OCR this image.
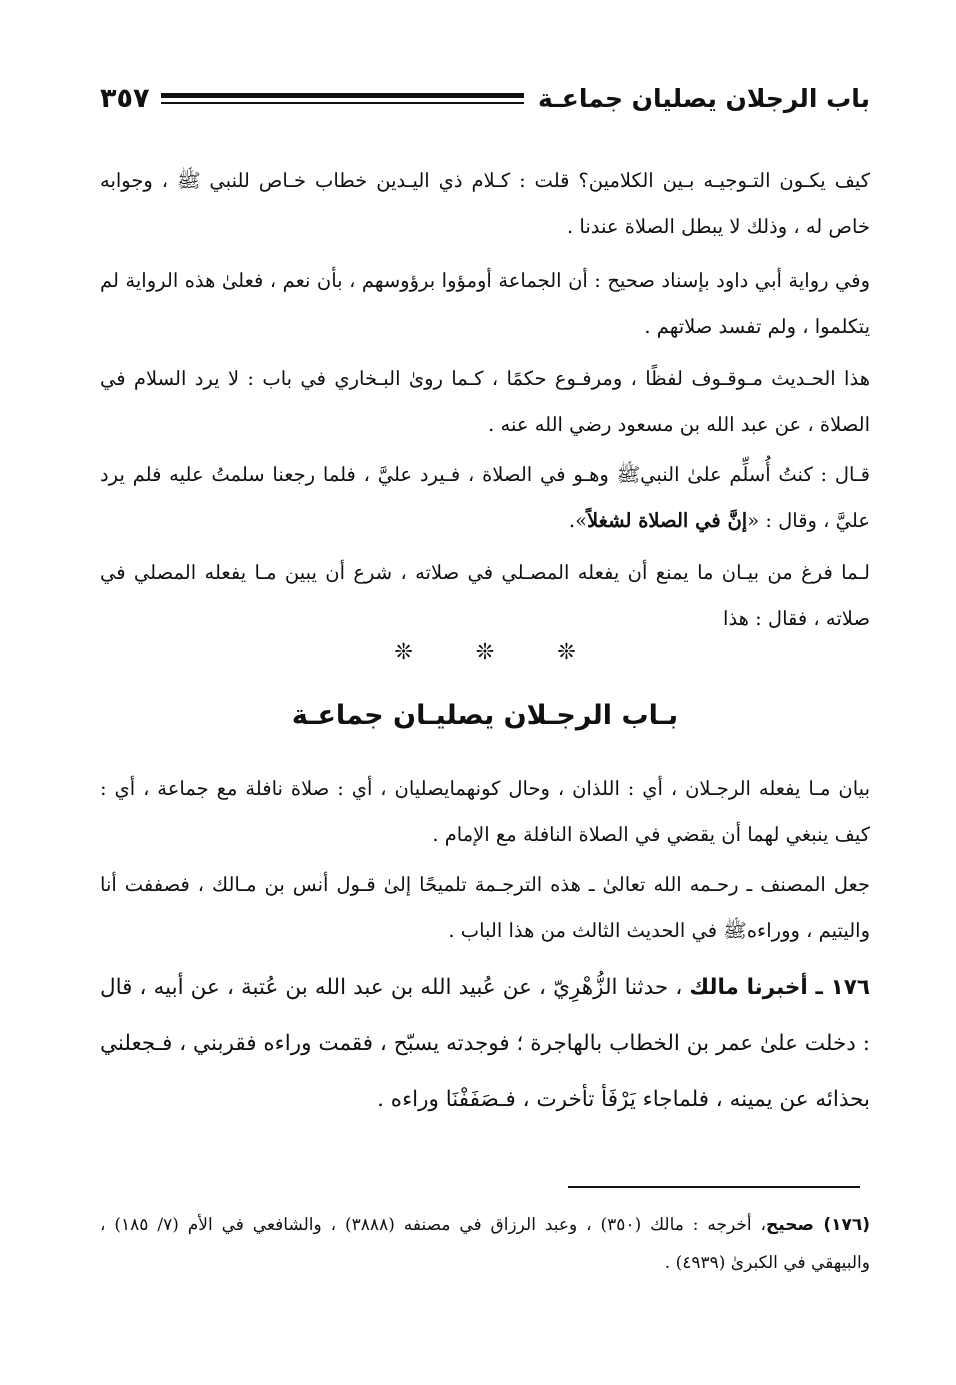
باب الرجلان يصليان جماعـة
٣٥٧

كيف يكـون التـوجيـه بـين الكلامين؟ قلت : كـلام ذي اليـدين خطاب خـاص للنبي ﷺ ، وجوابه خاص له ، وذلك لا يبطل الصلاة عندنا .

وفي رواية أبي داود بإسناد صحيح : أن الجماعة أومؤوا برؤوسهم ، بأن نعم ، فعلىٰ هذه الرواية لم يتكلموا ، ولم تفسد صلاتهم .

هذا الحـديث مـوقـوف لفظًا ، ومرفـوع حكمًا ، كـما روىٰ البـخاري في باب : لا يرد السلام في الصلاة ، عن عبد الله بن مسعود رضي الله عنه .

قـال : كنتُ أُسلِّم علىٰ النبيﷺ وهـو في الصلاة ، فـيرد عليَّ ، فلما رجعنا سلمتُ عليه فلم يرد عليَّ ، وقال : «إنَّ في الصلاة لشغلاً».

لـما فرغ من بيـان ما يمنع أن يفعله المصـلي في صلاته ، شرع أن يبين مـا يفعله المصلي في صلاته ، فقال : هذا

❊ ❊ ❊
بـاب الرجـلان يصليـان جماعـة

بيان مـا يفعله الرجـلان ، أي : اللذان ، وحال كونهمايصليان ، أي : صلاة نافلة مع جماعة ، أي : كيف ينبغي لهما أن يقضي في الصلاة النافلة مع الإمام .

جعل المصنف ـ رحـمه الله تعالىٰ ـ هذه الترجـمة تلميحًا إلىٰ قـول أنس بن مـالك ، فصففت أنا واليتيم ، ووراءهﷺ في الحديث الثالث من هذا الباب .

١٧٦ ـ أخبرنا مالك ، حدثنا الزُّهْرِيّ ، عن عُبيد الله بن عبد الله بن عُتبة ، عن أبيه ، قال : دخلت علىٰ عمر بن الخطاب بالهاجرة ؛ فوجدته يسبّح ، فقمت وراءه فقربني ، فـجعلني بحذائه عن يمينه ، فلماجاء يَرْفَأ تأخرت ، فـصَفَفْنَا وراءه .

(١٧٦) صحيح، أخرجه : مالك (٣٥٠) ، وعبد الرزاق في مصنفه (٣٨٨٨) ، والشافعي في الأم (٧/ ١٨٥) ، والبيهقي في الكبرىٰ (٤٩٣٩) .
